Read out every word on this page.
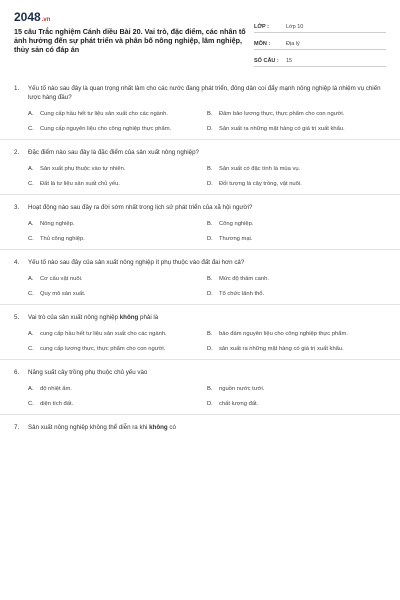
2048.vn
15 câu Trắc nghiệm Cánh diều Bài 20. Vai trò, đặc điểm, các nhân tố ảnh hưởng đến sự phát triển và phân bố nông nghiệp, lâm nghiệp, thủy sản có đáp án
LỚP :	Lớp 10
MÔN :	Địa lý
SỐ CÂU :	15
1.	Yếu tố nào sau đây là quan trọng nhất làm cho các nước đang phát triển, đông dân coi đẩy mạnh nông nghiệp là nhiệm vụ chiến lược hàng đầu?
A.	Cung cấp hầu hết tư liệu sản xuất cho các ngành.	B.	Đảm bảo lương thực, thực phẩm cho con người.
C.	Cung cấp nguyên liệu cho công nghiệp thực phẩm.	D.	Sản xuất ra những mặt hàng có giá trị xuất khẩu.
2.	Đặc điểm nào sau đây là đặc điểm của sản xuất nông nghiệp?
A.	Sản xuất phụ thuộc vào tự nhiên.	B.	Sản xuất có đặc tính là mùa vụ.
C.	Đất là tư liệu sản xuất chủ yếu.	D.	Đối tượng là cây trồng, vật nuôi.
3.	Hoạt động nào sau đây ra đời sớm nhất trong lịch sử phát triển của xã hội người?
A.	Nông nghiệp.	B.	Công nghiệp.
C.	Thủ công nghiệp.	D.	Thương mại.
4.	Yếu tố nào sau đây của sản xuất nông nghiệp ít phụ thuộc vào đất đai hơn cả?
A.	Cơ cấu vật nuôi.	B.	Mức độ thâm canh.
C.	Quy mô sản xuất.	D.	Tổ chức lãnh thổ.
5.	Vai trò của sản xuất nông nghiệp không phải là
A.	cung cấp hầu hết tư liệu sản xuất cho các ngành.	B.	bảo đảm nguyên liệu cho công nghiệp thực phẩm.
C.	cung cấp lương thực, thực phẩm cho con người.	D.	sản xuất ra những mặt hàng có giá trị xuất khẩu.
6.	Năng suất cây trồng phụ thuộc chủ yếu vào
A.	độ nhiệt ẩm.	B.	nguồn nước tưới.
C.	diện tích đất.	D.	chất lượng đất.
7.	Sản xuất nông nghiệp không thể diễn ra khi không có
